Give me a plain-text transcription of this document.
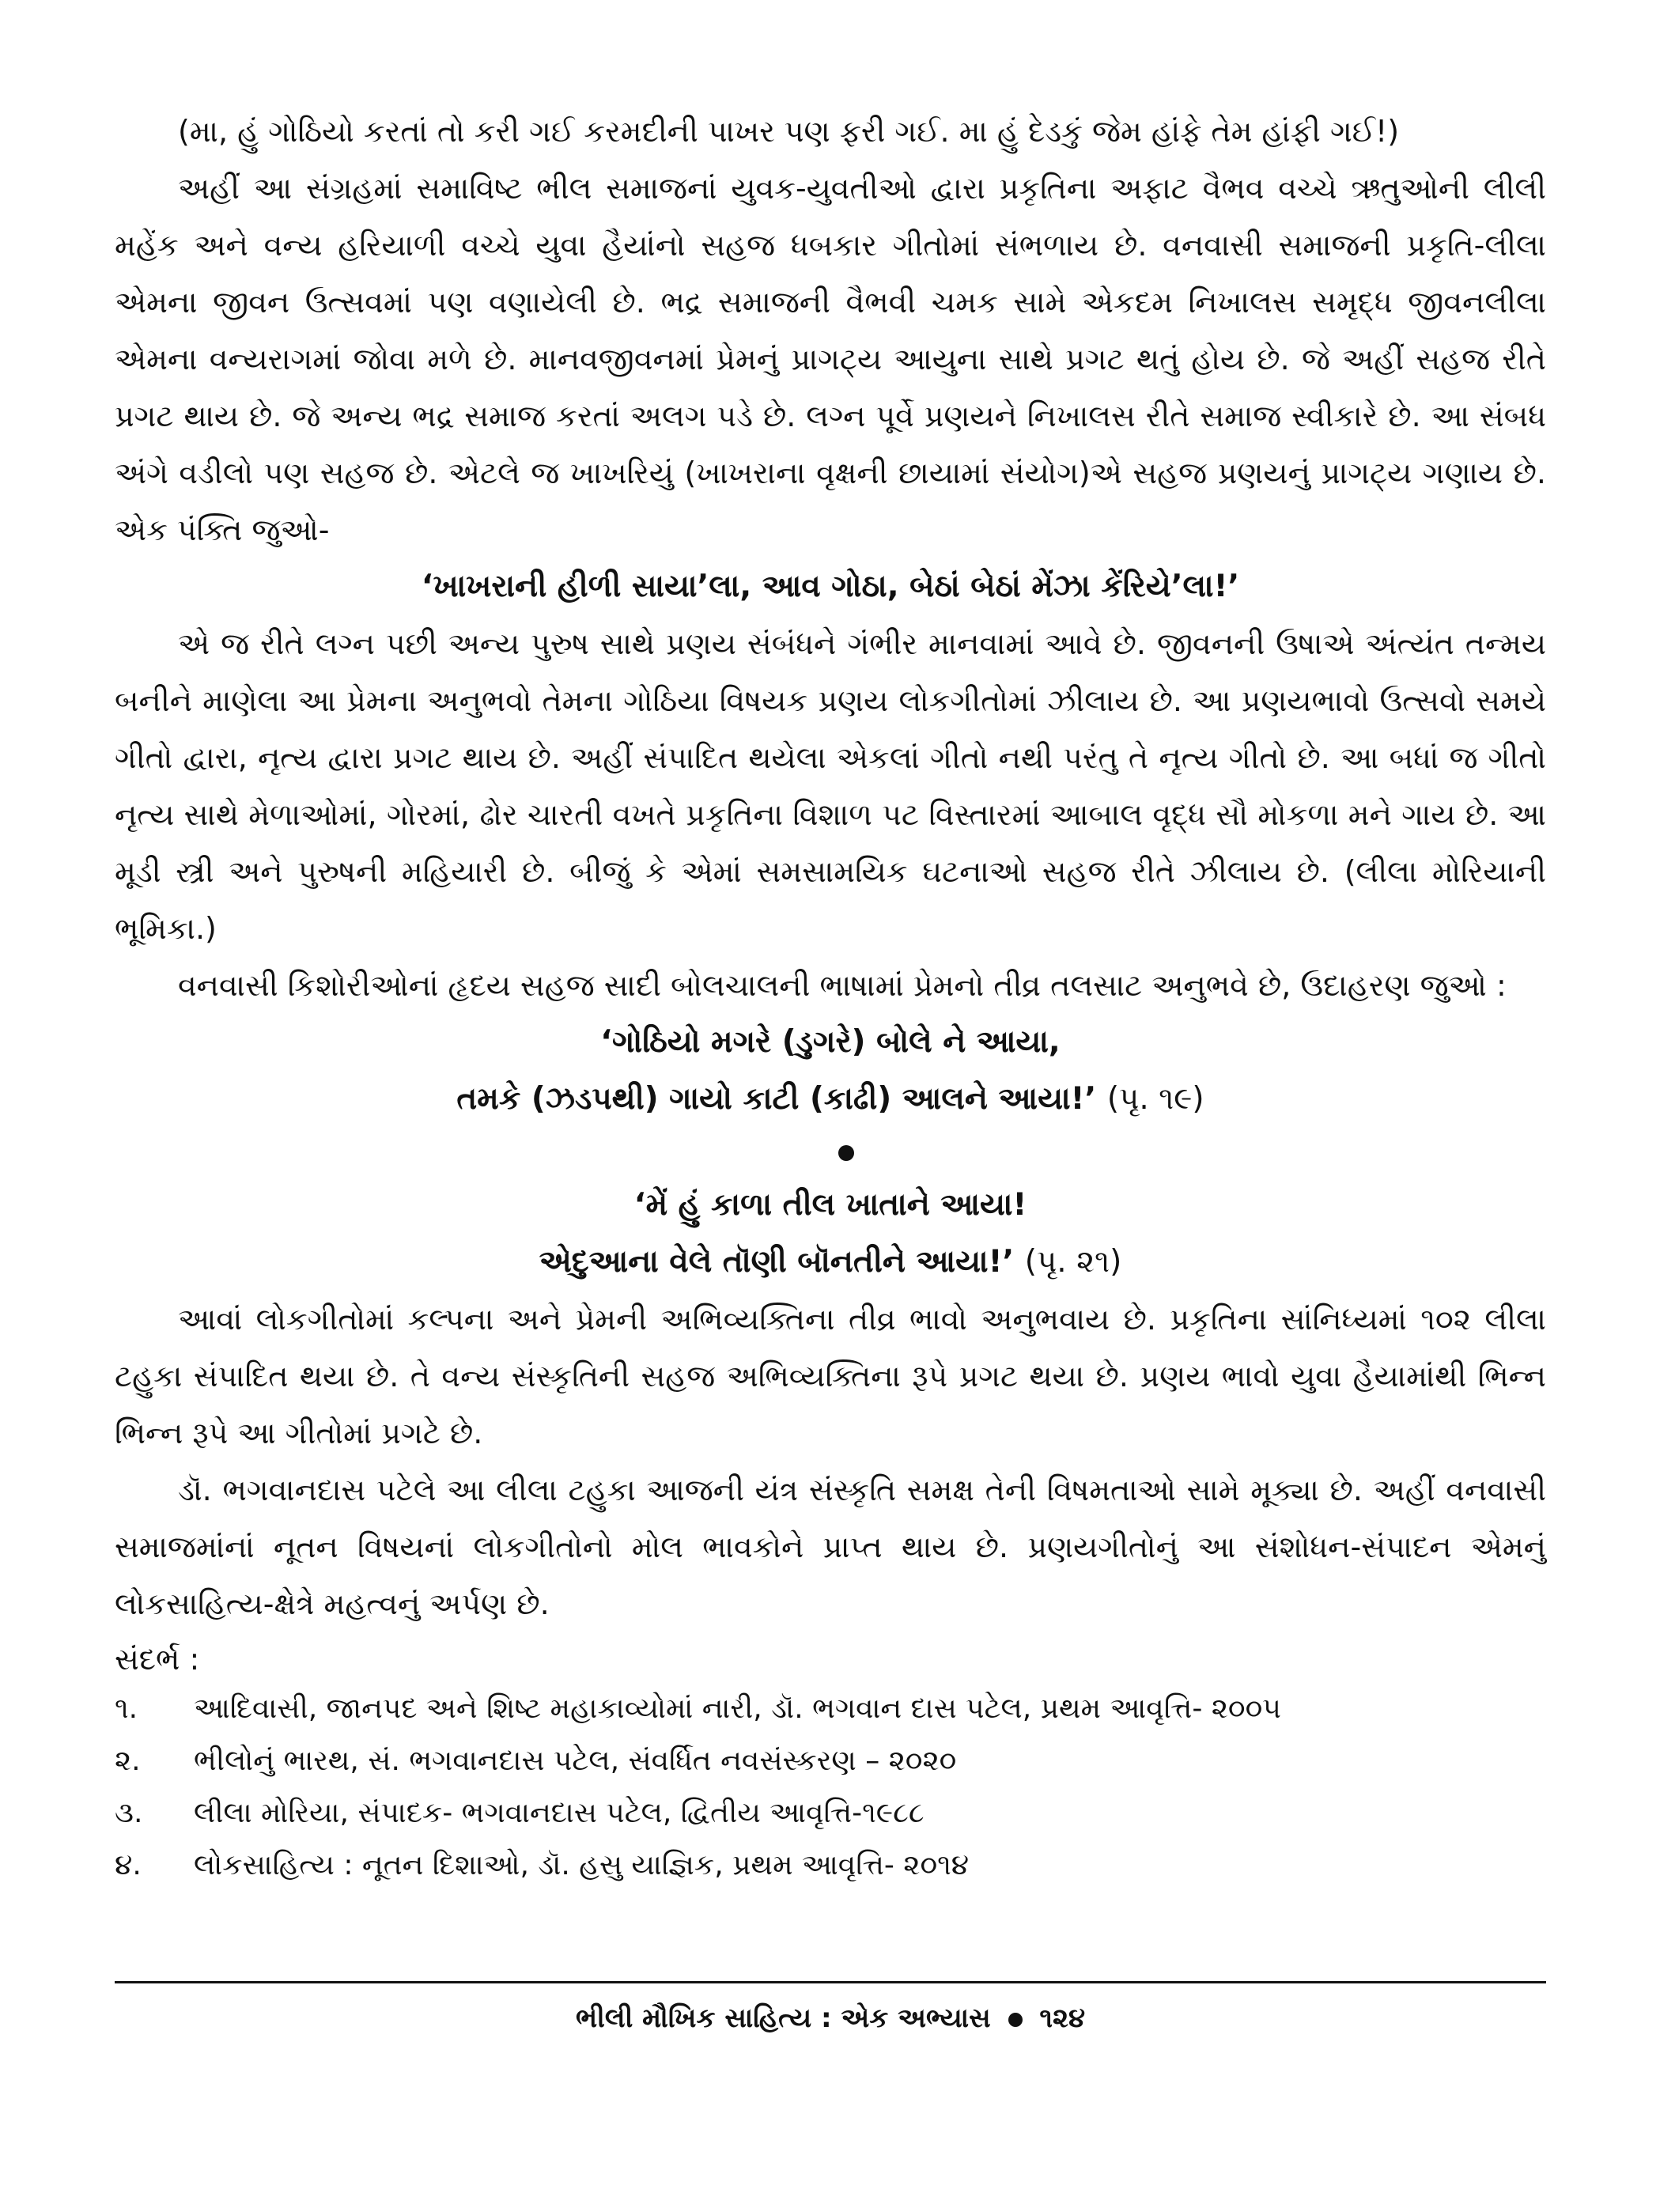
(મા, હું ગોઠિયો કરતાં તો કરી ગઈ કરમદીની પાખર પણ ફરી ગઈ. મા હું દેડકું જેમ હાંફે તેમ હાંફી ગઈ!)

અહીં આ સંગ્રહમાં સમાવિષ્ટ ભીલ સમાજનાં યુવક-યુવતીઓ દ્વારા પ્રકૃતિના અફાટ વૈભવ વચ્ચે ઋતુઓની લીલી મહેંક અને વન્ય હરિયાળી વચ્ચે યુવા હૈયાંનો સહજ ધબકાર ગીતોમાં સંભળાય છે. વનવાસી સમાજની પ્રકૃતિ-લીલા એમના જીવન ઉત્સવમાં પણ વણાયેલી છે. ભદ્ર સમાજની વૈભવી ચમક સામે એકદમ નિખાલસ સમૃદ્ધ જીવનલીલા એમના વન્યરાગમાં જોવા મળે છે. માનવજીવનમાં પ્રેમનું પ્રાગટ્ય આયુના સાથે પ્રગટ થતું હોય છે. જે અહીં સહજ રીતે પ્રગટ થાય છે. જે અન્ય ભદ્ર સમાજ કરતાં અલગ પડે છે. લગ્ન પૂર્વે પ્રણયને નિખાલસ રીતે સમાજ સ્વીકારે છે. આ સંબધ અંગે વડીલો પણ સહજ છે. એટલે જ ખાખરિયું (ખાખરાના વૃક્ષની છાયામાં સંયોગ)એ સહજ પ્રણયનું પ્રાગટ્ય ગણાય છે. એક પંક્તિ જુઓ-

‘ખાખરાની હીળી સાયા’લા, આવ ગોઠા, બેઠાં બેઠાં મેંઝા કેંરિયે’લા!’

એ જ રીતે લગ્ન પછી અન્ય પુરુષ સાથે પ્રણય સંબંધને ગંભીર માનવામાં આવે છે. જીવનની ઉષાએ અંત્યંત તન્મય બનીને માણેલા આ પ્રેમના અનુભવો તેમના ગોઠિયા વિષયક પ્રણય લોકગીતોમાં ઝીલાય છે. આ પ્રણયભાવો ઉત્સવો સમયે ગીતો દ્વારા, નૃત્ય દ્વારા પ્રગટ થાય છે. અહીં સંપાદિત થયેલા એકલાં ગીતો નથી પરંતુ તે નૃત્ય ગીતો છે. આ બધાં જ ગીતો નૃત્ય સાથે મેળાઓમાં, ગોરમાં, ઢોર ચારતી વખતે પ્રકૃતિના વિશાળ પટ વિસ્તારમાં આબાલ વૃદ્ધ સૌ મોકળા મને ગાય છે. આ મૂડી સ્ત્રી અને પુરુષની મહિયારી છે. બીજું કે એમાં સમસામયિક ઘટનાઓ સહજ રીતે ઝીલાય છે. (લીલા મોરિયાની ભૂમિકા.)

વનવાસી કિશોરીઓનાં હૃદય સહજ સાદી બોલચાલની ભાષામાં પ્રેમનો તીવ્ર તલસાટ અનુભવે છે, ઉદાહરણ જુઓ :

‘ગોઠિયો મગરે (ડુગરે) બોલે ને આયા,

તમકે (ઝડપથી) ગાયો કાટી (કાઢી) આલને આયા!’ (પૃ. ૧૯)

‘મેં હું કાળા તીલ ખાતાને આયા!

એદુઆના વેલે તૉણી બૉનતીને આયા!’ (પૃ. ૨૧)

આવાં લોકગીતોમાં કલ્પના અને પ્રેમની અભિવ્યક્તિના તીવ્ર ભાવો અનુભવાય છે. પ્રકૃતિના સાંનિધ્યમાં ૧૦૨ લીલા ટહુકા સંપાદિત થયા છે. તે વન્ય સંસ્કૃતિની સહજ અભિવ્યક્તિના રૂપે પ્રગટ થયા છે. પ્રણય ભાવો યુવા હૈયામાંથી ભિન્ન ભિન્ન રૂપે આ ગીતોમાં પ્રગટે છે.

ડૉ. ભગવાનદાસ પટેલે આ લીલા ટહુકા આજની યંત્ર સંસ્કૃતિ સમક્ષ તેની વિષમતાઓ સામે મૂક્યા છે. અહીં વનવાસી સમાજમાંનાં નૂતન વિષયનાં લોકગીતોનો મોલ ભાવકોને પ્રાપ્ત થાય છે. પ્રણયગીતોનું આ સંશોધન-સંપાદન એમનું લોકસાહિત્ય-ક્ષેત્રે મહત્વનું અર્પણ છે.

સંદર્ભ :

૧.	આદિવાસી, જાનપદ અને શિષ્ટ મહાકાવ્યોમાં નારી, ડૉ. ભગવાન દાસ પટેલ, પ્રથમ આવૃત્તિ- ૨૦૦૫
૨.	ભીલોનું ભારથ, સં. ભગવાનદાસ પટેલ, સંવર્ધિત નવસંસ્કરણ – ૨૦૨૦
૩.	લીલા મોરિયા, સંપાદક- ભગવાનદાસ પટેલ, દ્વિતીય આવૃત્તિ-૧૯૮૮
૪.	લોકસાહિત્ય : નૂતન દિશાઓ, ડૉ. હસુ યાજ્ઞિક, પ્રથમ આવૃત્તિ- ૨૦૧૪
ભીલી મૌખિક સાહિત્ય : એક અભ્યાસ ૧૨૪
